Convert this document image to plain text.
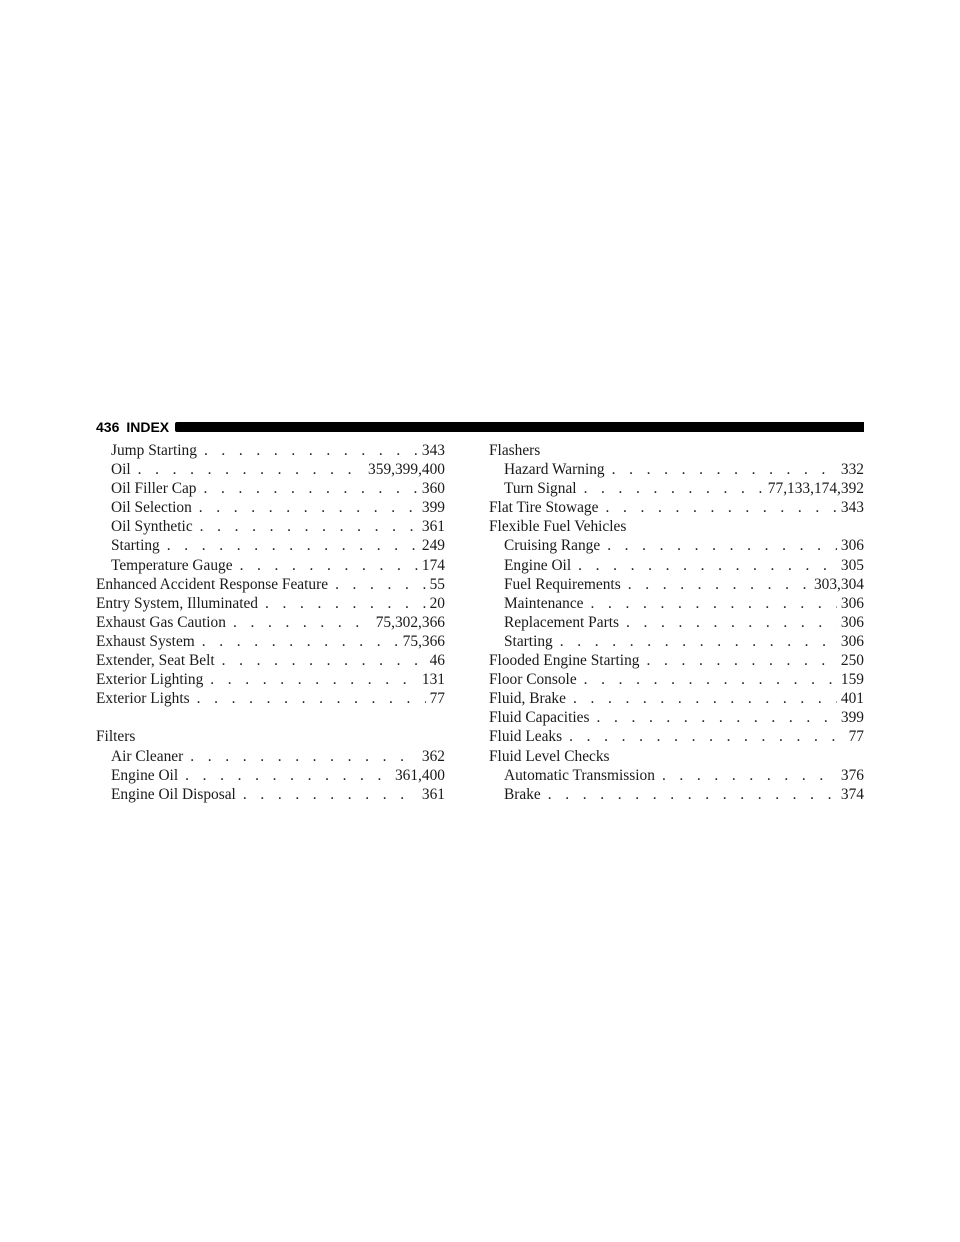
436 INDEX
Jump Starting . . .	343
Oil . . .	359,399,400
Oil Filler Cap . . .	360
Oil Selection . . .	399
Oil Synthetic . . .	361
Starting . . .	249
Temperature Gauge . . .	174
Enhanced Accident Response Feature . . .	55
Entry System, Illuminated . . .	20
Exhaust Gas Caution . . .	75,302,366
Exhaust System . . .	75,366
Extender, Seat Belt . . .	46
Exterior Lighting . . .	131
Exterior Lights . . .	77
Filters
Air Cleaner . . .	362
Engine Oil . . .	361,400
Engine Oil Disposal . . .	361
Flashers
Hazard Warning . . .	332
Turn Signal . . .	77,133,174,392
Flat Tire Stowage . . .	343
Flexible Fuel Vehicles
Cruising Range . . .	306
Engine Oil . . .	305
Fuel Requirements . . .	303,304
Maintenance . . .	306
Replacement Parts . . .	306
Starting . . .	306
Flooded Engine Starting . . .	250
Floor Console . . .	159
Fluid, Brake . . .	401
Fluid Capacities . . .	399
Fluid Leaks . . .	77
Fluid Level Checks
Automatic Transmission . . .	376
Brake . . .	374
